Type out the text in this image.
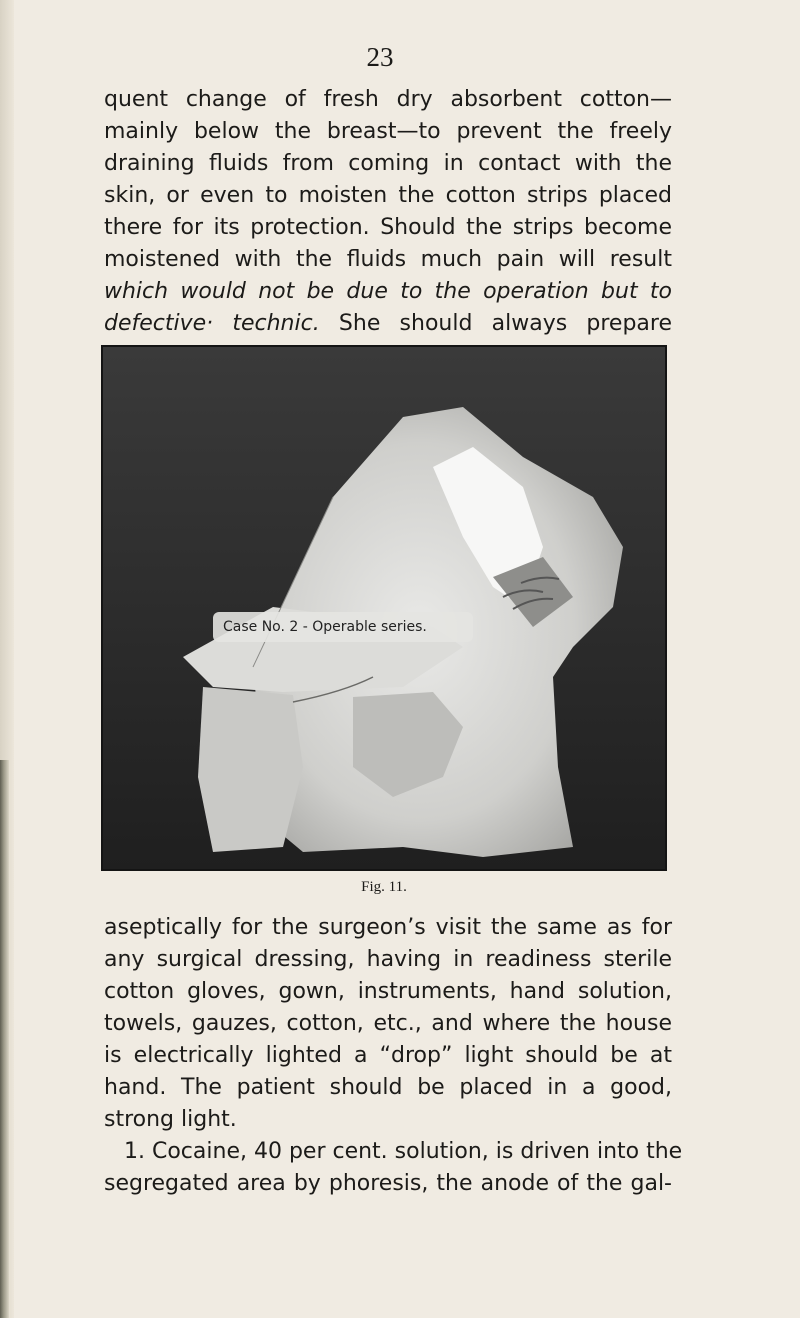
23
quent change of fresh dry absorbent cotton—
mainly below the breast—to prevent the freely
draining fluids from coming in contact with the
skin, or even to moisten the cotton strips placed
there for its protection. Should the strips become
moistened with the fluids much pain will result
which would not be due to the operation but to
defective· technic. She should always prepare
Case No. 2 - Operable series.
Fig. 11.
aseptically for the surgeon’s visit the same as for
any surgical dressing, having in readiness sterile
cotton gloves, gown, instruments, hand solution,
towels, gauzes, cotton, etc., and where the house
is electrically lighted a “drop” light should be at
hand. The patient should be placed in a good,
strong light.
1. Cocaine, 40 per cent. solution, is driven into the
segregated area by phoresis, the anode of the gal-
